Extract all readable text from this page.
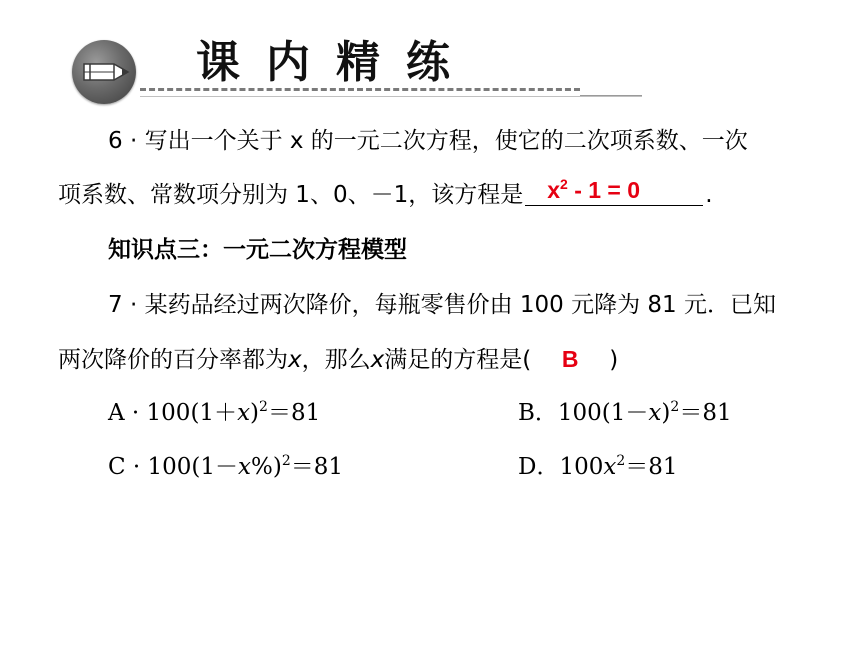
课内精练
6 · 写出一个关于 x 的一元二次方程，使它的二次项系数、一次
项系数、常数项分别为 1、0、－1，该方程是 $x^2 - 1 = 0$	.
知识点三：一元二次方程模型
7 · 某药品经过两次降价，每瓶零售价由 100 元降为 81 元．已知
两次降价的百分率都为x，那么x满足的方程是( B )
$A \cdot 100(1+x)^2=81$	B．$100(1-x)^2=81$
$C \cdot 100(1-x\%)^2=81$	D．$100x^2=81$
